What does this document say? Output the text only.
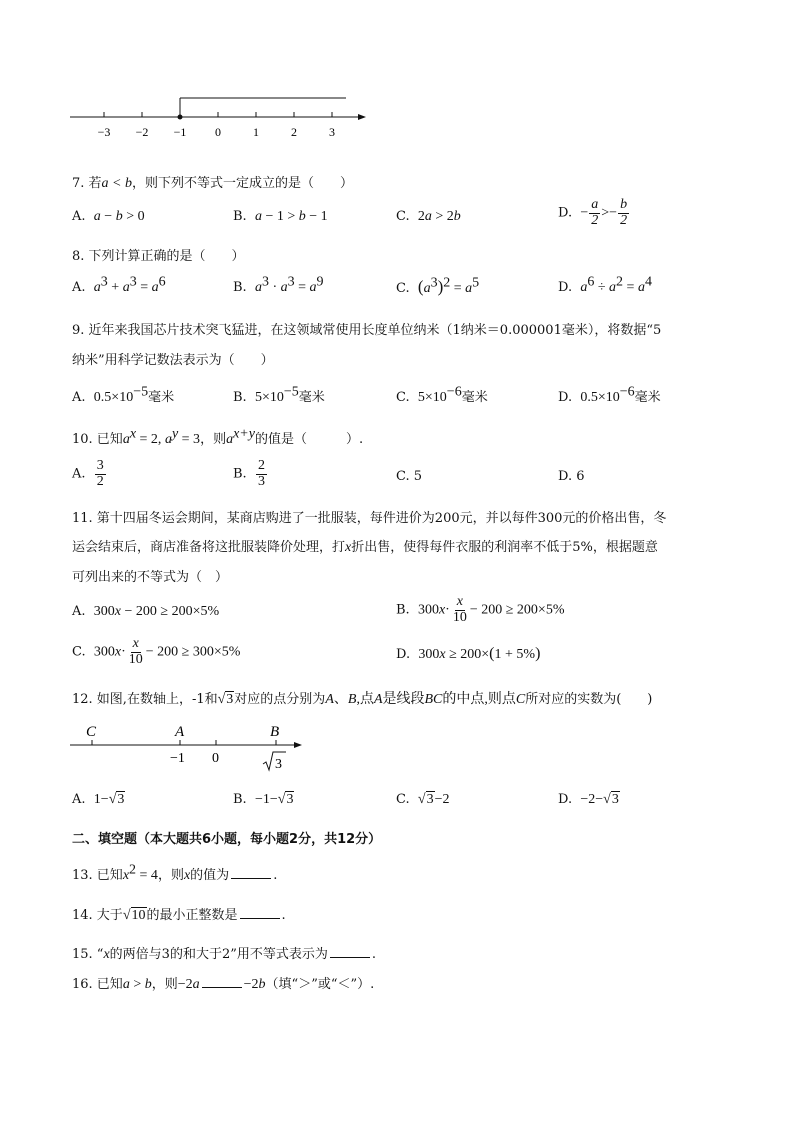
−3 −2 −1 0	1	2	3
7. 若a < b，则下列不等式一定成立的是（　　）
A. a − b > 0	B. a − 1 > b − 1	C. 2a > 2b	D. − $\frac{a}{2} >- \frac{b}{2}$
8. 下列计算正确的是（　　）
A. $a^3 + a^3 = a^6$	B. $a^3 \cdot a^3 = a^9$	C. $(a^3)^2 = a^5$	D. $a^6 \div a^2 = a^4$
9. 近年来我国芯片技术突飞猛进，在这领域常使用长度单位纳米（1纳米＝0.000001毫米），将数据“5
纳米”用科学记数法表示为（　　）
A. $0.5\times 10^{-5}$毫米	B. $5\times 10^{-5}$毫米	C. $5\times 10^{-6}$毫米	D. $0.5\times 10^{-6}$毫米
10. 已知$a^x = 2$, $a^y = 3$，则$a^{x+y}$的值是（　　　）.
A. $\frac{3}{2}$	B. $\frac{2}{3}$	C. 5	D. 6
11. 第十四届冬运会期间，某商店购进了一批服装，每件进价为200元，并以每件300元的价格出售，冬
运会结束后，商店准备将这批服装降价处理，打x折出售，使得每件衣服的利润率不低于5%，根据题意
可列出来的不等式为（　）
A. 300x − 200 ≥ 200×5%	B. $300x\cdot \frac{x}{10} - 200 \ge 200\times 5\%$
C. $300x\cdot \frac{x}{10} - 200 \ge 300\times 5\%$	D. 300x ≥ 200×(1 + 5%)
12. 如图,在数轴上，-1和√3对应的点分别为A、B,点A是线段BC的中点,则点C所对应的实数为(　　)
C	A	B
−1 0	3
A. 1−√3	B. −1−√3	C. √3−2	D. −2−√3
二、填空题（本大题共6小题，每小题2分，共12分）
13. 已知$x^2 = 4$，则x的值为	.
14. 大于√10的最小正整数是	.
15. “x的两倍与3的和大于2”用不等式表示为	.
16. 已知a > b，则−2a	−2b（填“＞”或“＜”）.
